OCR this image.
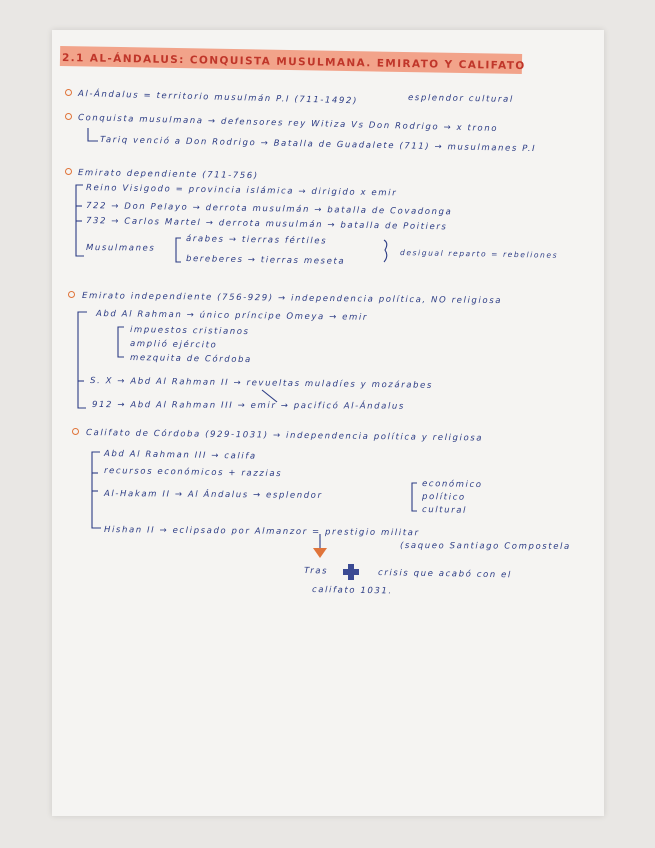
2.1 AL-ÁNDALUS: CONQUISTA MUSULMANA. EMIRATO Y CALIFATO
Al-Ándalus = territorio musulmán P.I (711-1492)	esplendor cultural
Conquista musulmana → defensores rey Witiza Vs Don Rodrigo → x trono
Tariq venció a Don Rodrigo → Batalla de Guadalete (711) → musulmanes P.I
Emirato dependiente (711-756)
Reino Visigodo = provincia islámica → dirigido x emir
722 → Don Pelayo → derrota musulmán → batalla de Covadonga
732 → Carlos Martel → derrota musulmán → batalla de Poitiers
Musulmanes
árabes → tierras fértiles
bereberes → tierras meseta
desigual reparto = rebeliones
Emirato independiente (756-929) → independencia política, NO religiosa
Abd Al Rahman → único príncipe Omeya → emir
impuestos cristianos
amplió ejército
mezquita de Córdoba
S. X → Abd Al Rahman II → revueltas muladíes y mozárabes
912 → Abd Al Rahman III → emir → pacificó Al-Ándalus
Califato de Córdoba (929-1031) → independencia política y religiosa
Abd Al Rahman III → califa
recursos económicos + razzias
Al-Hakam II → Al Ándalus → esplendor
económico
político
cultural
Hishan II → eclipsado por Almanzor = prestigio militar
(saqueo Santiago Compostela
Tras	crisis que acabó con el
califato 1031.
